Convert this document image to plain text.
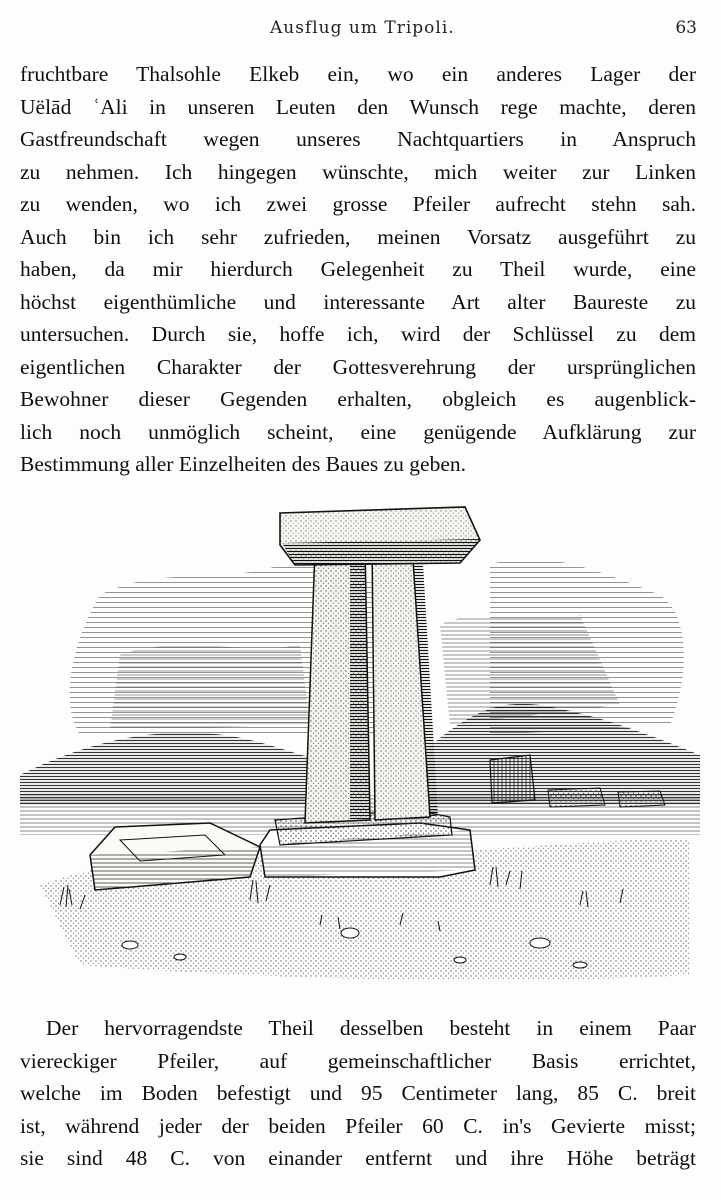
Ausflug um Tripoli.	63

fruchtbare Thalsohle Elkeb ein, wo ein anderes Lager der
Uëlād ʿAli in unseren Leuten den Wunsch rege machte, deren
Gastfreundschaft wegen unseres Nachtquartiers in Anspruch
zu nehmen. Ich hingegen wünschte, mich weiter zur Linken
zu wenden, wo ich zwei grosse Pfeiler aufrecht stehn sah.
Auch bin ich sehr zufrieden, meinen Vorsatz ausgeführt zu
haben, da mir hierdurch Gelegenheit zu Theil wurde, eine
höchst eigenthümliche und interessante Art alter Baureste zu
untersuchen. Durch sie, hoffe ich, wird der Schlüssel zu dem
eigentlichen Charakter der Gottesverehrung der ursprünglichen
Bewohner dieser Gegenden erhalten, obgleich es augenblick-
lich noch unmöglich scheint, eine genügende Aufklärung zur
Bestimmung aller Einzelheiten des Baues zu geben.

Der hervorragendste Theil desselben besteht in einem Paar
viereckiger Pfeiler, auf gemeinschaftlicher Basis errichtet,
welche im Boden befestigt und 95 Centimeter lang, 85 C. breit
ist, während jeder der beiden Pfeiler 60 C. in's Gevierte misst;
sie sind 48 C. von einander entfernt und ihre Höhe beträgt
